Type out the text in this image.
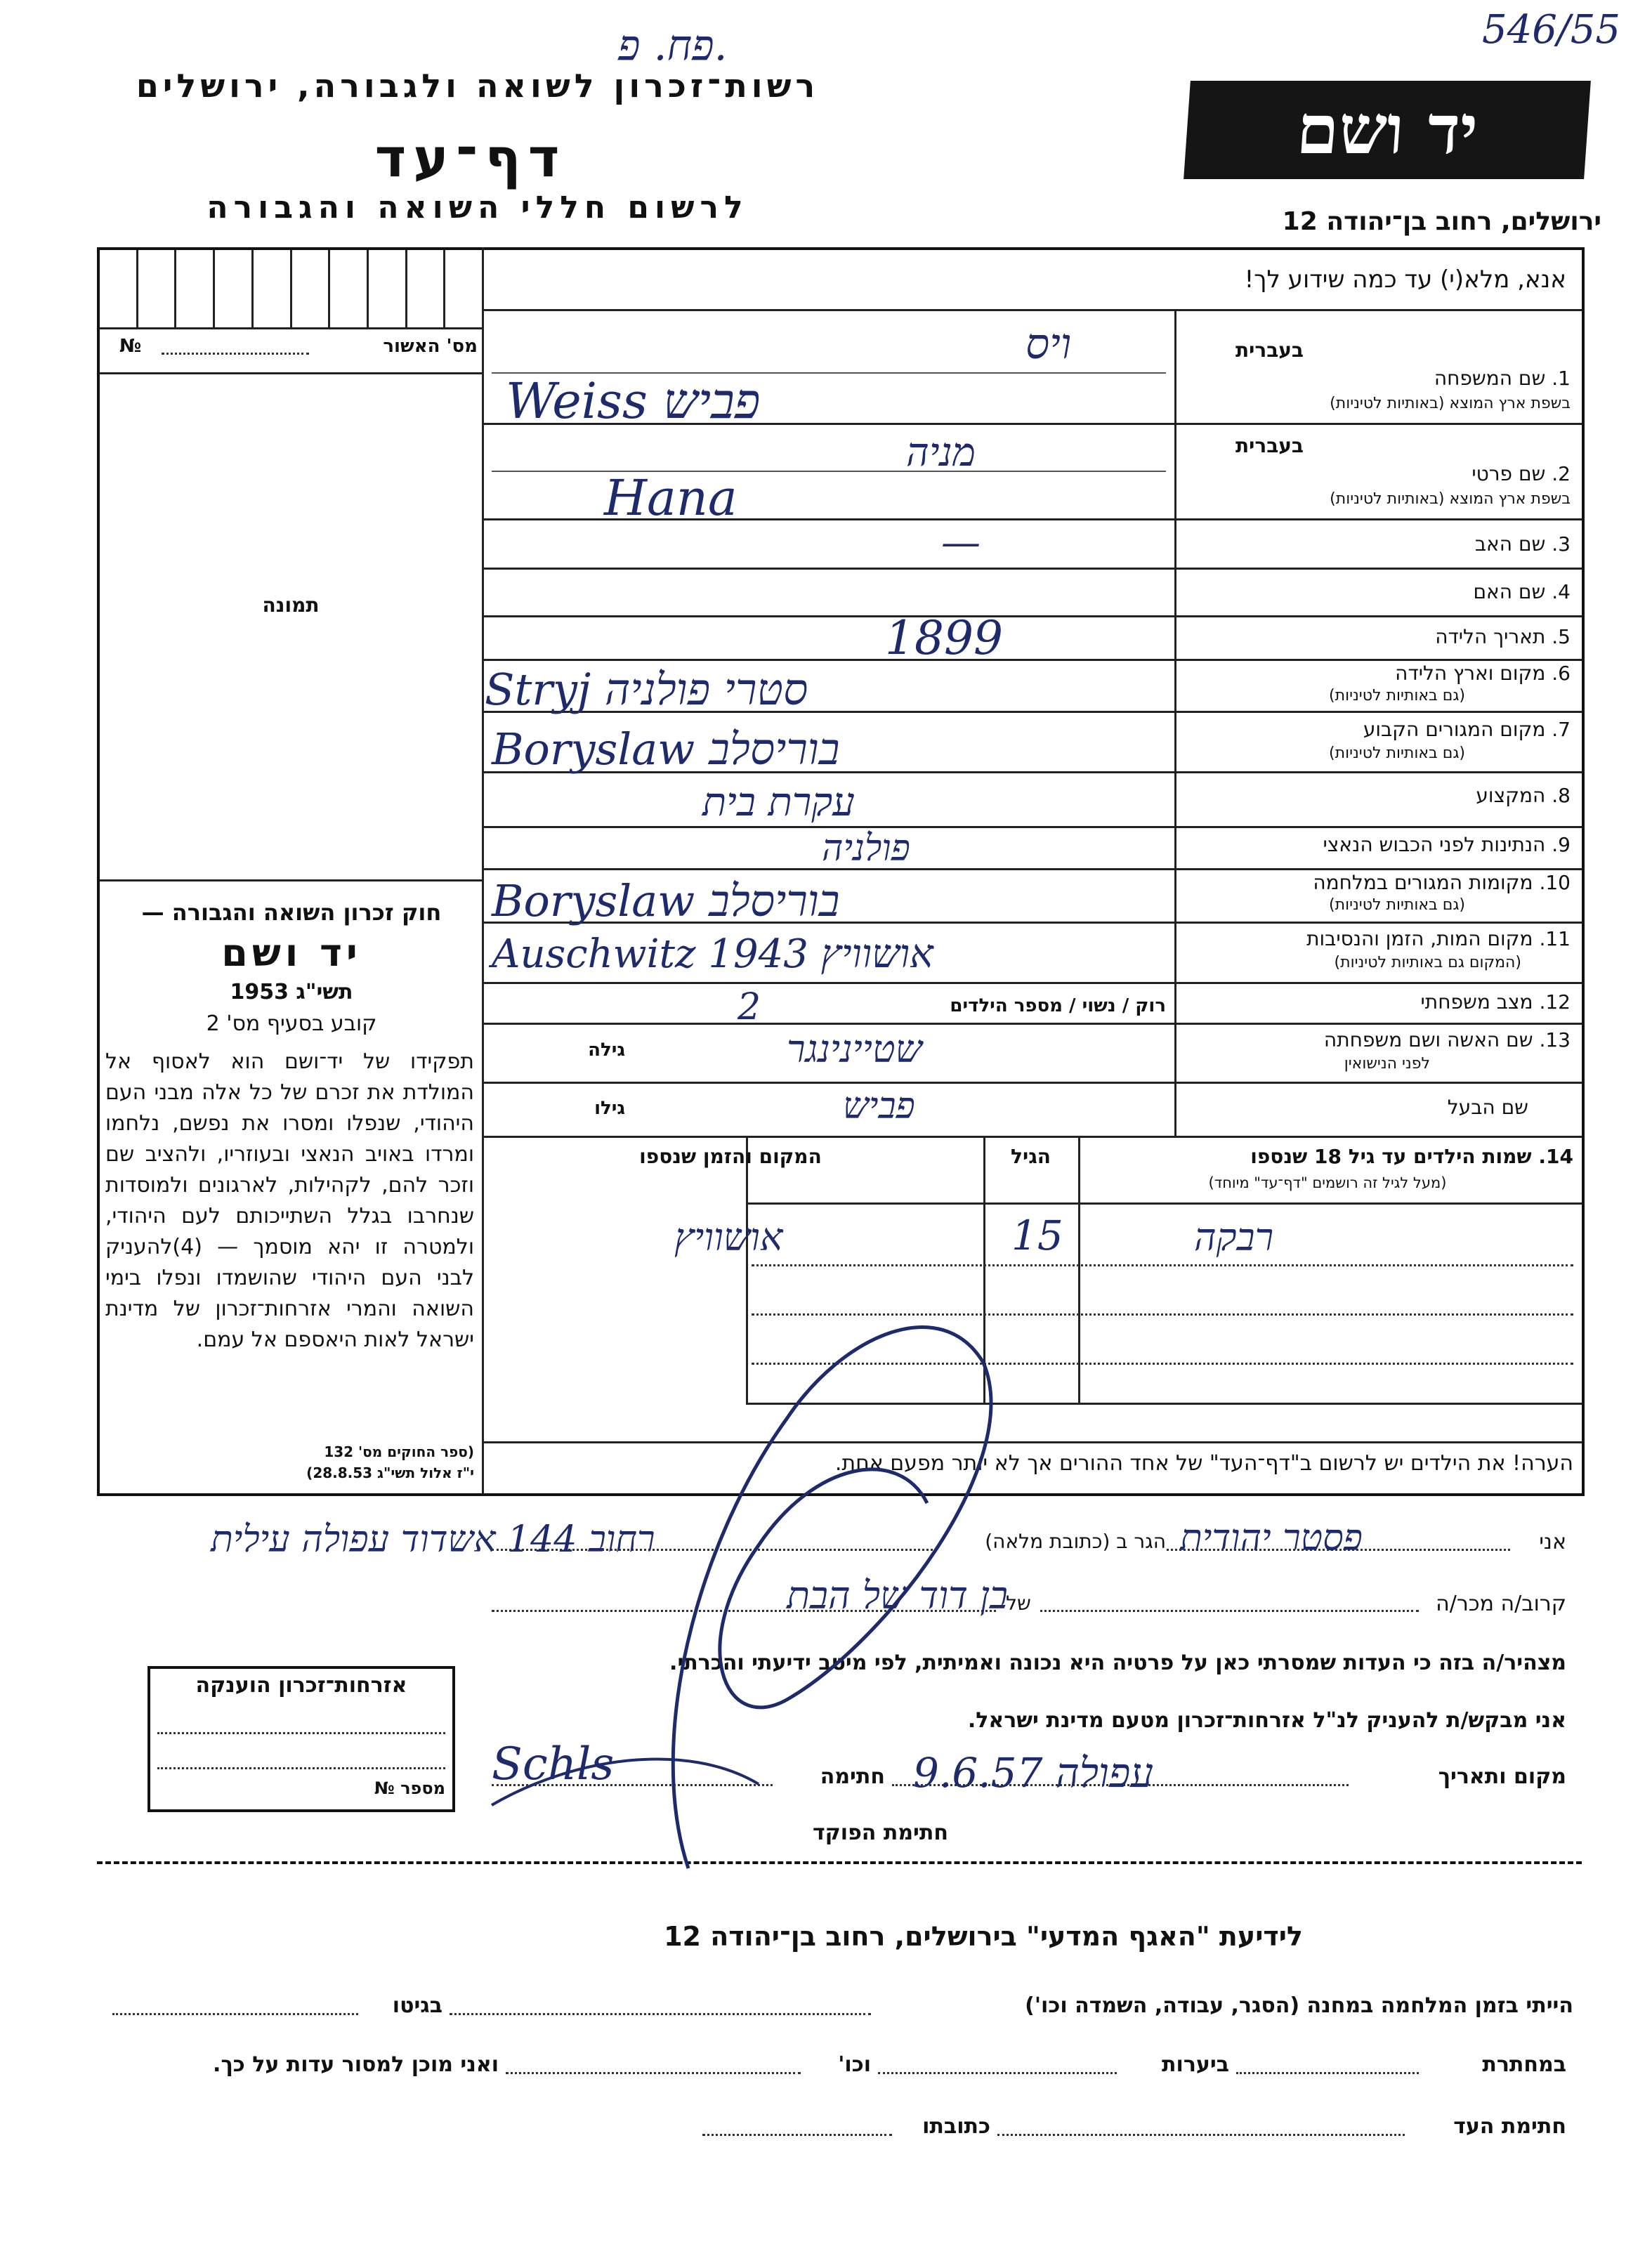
פח. פ.	546/55
רשות־זכרון לשואה ולגבורה, ירושלים
דף־עד
לרשום חללי השואה והגבורה
יד ושם
ירושלים, רחוב בן־יהודה 12
אנא, מלא(י) עד כמה שידוע לך!
מס' האשור
№
תמונה
חוק זכרון השואה והגבורה —
יד ושם
תשי"ג 1953
קובע בסעיף מס' 2
תפקידו של יד־ושם הוא לאסוף אל המולדת את זכרם של כל אלה מבני העם היהודי, שנפלו ומסרו את נפשם, נלחמו ומרדו באויב הנאצי ובעוזריו, ולהציב שם וזכר להם, לקהילות, לארגונים ולמוסדות שנחרבו בגלל השתייכותם לעם היהודי, ולמטרה זו יהא מוסמך — (4)להעניק לבני העם היהודי שהושמדו ונפלו בימי השואה והמרי אזרחות־זכרון של מדינת ישראל לאות היאספם אל עמם.
(ספר החוקים מס' 132
י"ז אלול תשי"ג 28.8.53)
בעברית
1. שם המשפחה
בשפת ארץ המוצא (באותיות לטיניות)
בעברית
2. שם פרטי
בשפת ארץ המוצא (באותיות לטיניות)
3. שם האב
4. שם האם
5. תאריך הלידה
6. מקום וארץ הלידה
(גם באותיות לטיניות)
7. מקום המגורים הקבוע
(גם באותיות לטיניות)
8. המקצוע
9. הנתינות לפני הכבוש הנאצי
10. מקומות המגורים במלחמה
(גם באותיות לטיניות)
11. מקום המות, הזמן והנסיבות
(המקום גם באותיות לטיניות)
12. מצב משפחתי
13. שם האשה ושם משפחתה
לפני הנישואין
שם הבעל
רוק / נשוי / מספר הילדים
גילה
גילו
14. שמות הילדים עד גיל 18 שנספו
(מעל לגיל זה רושמים "דף־עד" מיוחד)
הגיל
המקום והזמן שנספו
הערה! את הילדים יש לרשום ב"דף־העד" של אחד ההורים אך לא יותר מפעם אחת.
אני
הגר ב (כתובת מלאה)
קרוב/ה מכר/ה
של
מצהיר/ה בזה כי העדות שמסרתי כאן על פרטיה היא נכונה ואמיתית, לפי מיטב ידיעתי והכרתי.
אני מבקש/ת להעניק לנ"ל אזרחות־זכרון מטעם מדינת ישראל.
מקום ותאריך
חתימה
חתימת הפוקד
אזרחות־זכרון הוענקה
מספר №
לידיעת "האגף המדעי" בירושלים, רחוב בן־יהודה 12
הייתי בזמן המלחמה במחנה (הסגר, עבודה, השמדה וכו')
בגיטו
במחתרת
ביערות
וכו'
ואני מוכן למסור עדות על כך.
חתימת העד
כתובתו
ויס
Weiss פביש
מניה
Hana
—
1899
Stryj סטרי פולניה
Boryslaw בוריסלב
עקרת בית
פולניה
Boryslaw בוריסלב
Auschwitz 1943 אושוויץ
2
שטיינינגר
פביש
רבקה
15
אושוויץ
פסטר יהודית
רחוב 144 אשדוד עפולה עילית
בן דוד של הבת
עפולה 9.6.57
Schls
